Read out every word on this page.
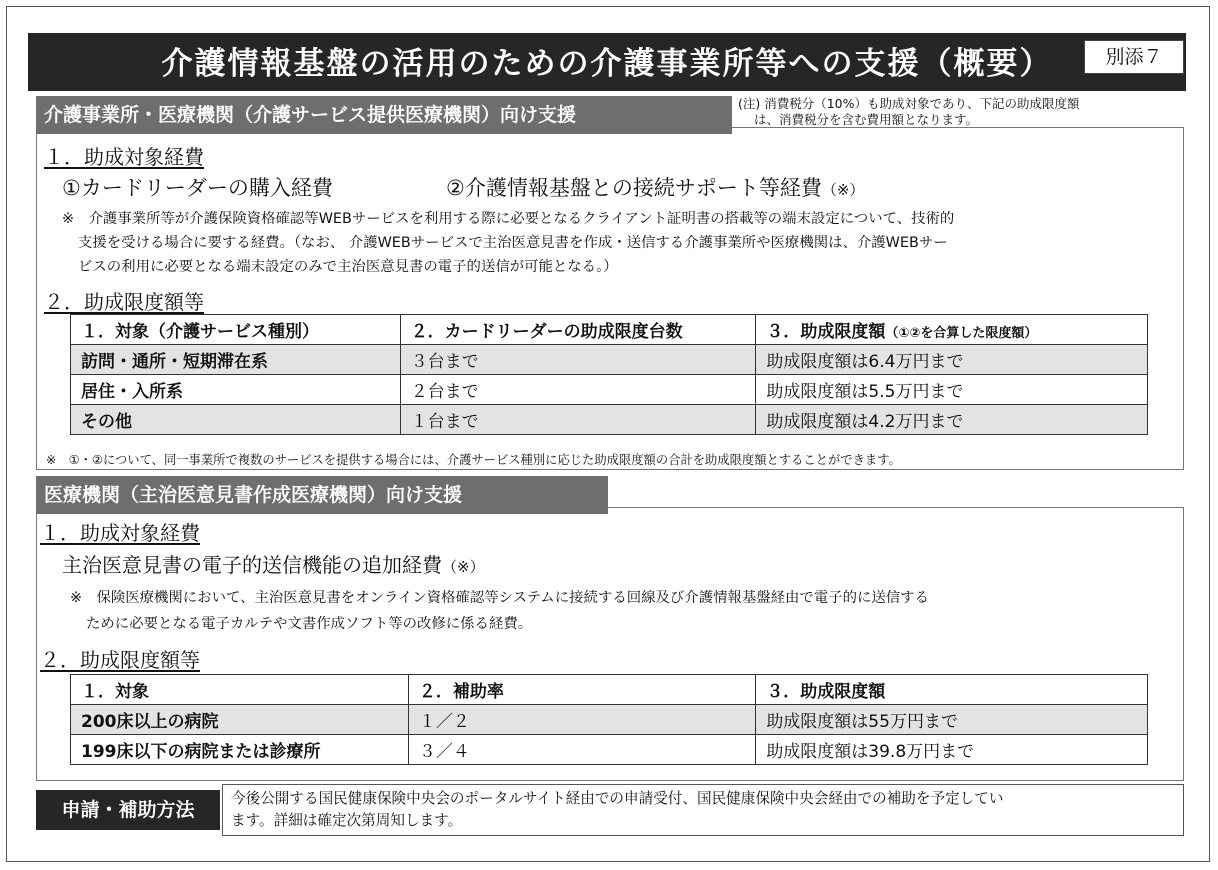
介護情報基盤の活用のための介護事業所等への支援（概要）	別添７
介護事業所・医療機関（介護サービス提供医療機関）向け支援
(注) 消費税分（10%）も助成対象であり、下記の助成限度額
は、消費税分を含む費用額となります。
１．助成対象経費
①カードリーダーの購入経費	②介護情報基盤との接続サポート等経費（※）
※　介護事業所等が介護保険資格確認等WEBサービスを利用する際に必要となるクライアント証明書の搭載等の端末設定について、技術的
支援を受ける場合に要する経費。（なお、 介護WEBサービスで主治医意見書を作成・送信する介護事業所や医療機関は、介護WEBサー
ビスの利用に必要となる端末設定のみで主治医意見書の電子的送信が可能となる。）
２．助成限度額等
１．対象（介護サービス種別）	２．カードリーダーの助成限度台数	３．助成限度額（①②を合算した限度額）
訪問・通所・短期滞在系	３台まで	助成限度額は6.4万円まで
居住・入所系	２台まで	助成限度額は5.5万円まで
その他	１台まで	助成限度額は4.2万円まで
※　①・②について、同一事業所で複数のサービスを提供する場合には、介護サービス種別に応じた助成限度額の合計を助成限度額とすることができます。
医療機関（主治医意見書作成医療機関）向け支援
１．助成対象経費
主治医意見書の電子的送信機能の追加経費（※）
※　保険医療機関において、主治医意見書をオンライン資格確認等システムに接続する回線及び介護情報基盤経由で電子的に送信する
ために必要となる電子カルテや文書作成ソフト等の改修に係る経費。
２．助成限度額等
１．対象	２．補助率	３．助成限度額
200床以上の病院	１／２	助成限度額は55万円まで
199床以下の病院または診療所	３／４	助成限度額は39.8万円まで
申請・補助方法
今後公開する国民健康保険中央会のポータルサイト経由での申請受付、国民健康保険中央会経由での補助を予定してい
ます。詳細は確定次第周知します。
